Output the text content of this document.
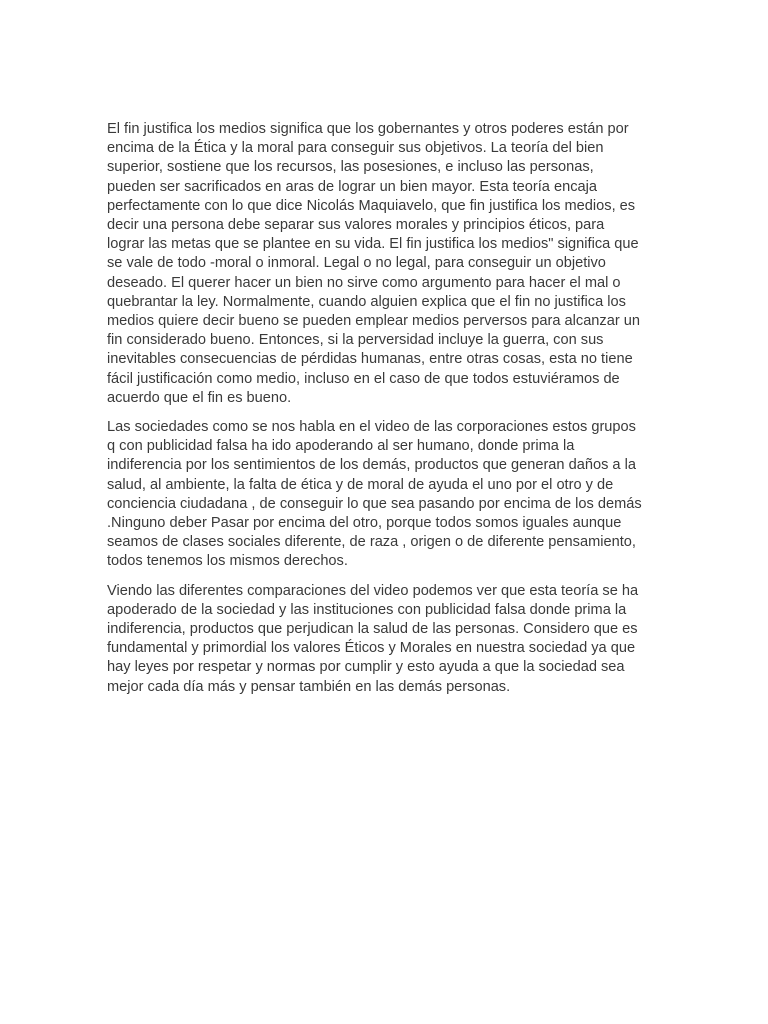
El fin justifica los medios significa que los gobernantes y otros poderes están por
encima de la Ética y la moral para conseguir sus objetivos. La teoría del bien
superior, sostiene que los recursos, las posesiones, e incluso las personas,
pueden ser sacrificados en aras de lograr un bien mayor. Esta teoría encaja
perfectamente con lo que dice Nicolás Maquiavelo, que fin justifica los medios, es
decir una persona debe separar sus valores morales y principios éticos, para
lograr las metas que se plantee en su vida. El fin justifica los medios" significa que
se vale de todo -moral o inmoral. Legal o no legal, para conseguir un objetivo
deseado. El querer hacer un bien no sirve como argumento para hacer el mal o
quebrantar la ley. Normalmente, cuando alguien explica que el fin no justifica los
medios quiere decir bueno se pueden emplear medios perversos para alcanzar un
fin considerado bueno. Entonces, si la perversidad incluye la guerra, con sus
inevitables consecuencias de pérdidas humanas, entre otras cosas, esta no tiene
fácil justificación como medio, incluso en el caso de que todos estuviéramos de
acuerdo que el fin es bueno.

Las sociedades como se nos habla en el video de las corporaciones estos grupos
q con publicidad falsa ha ido apoderando al ser humano, donde prima la
indiferencia por los sentimientos de los demás, productos que generan daños a la
salud, al ambiente, la falta de ética y de moral de ayuda el uno por el otro y de
conciencia ciudadana , de conseguir lo que sea pasando por encima de los demás
.Ninguno deber Pasar por encima del otro, porque todos somos iguales aunque
seamos de clases sociales diferente, de raza , origen o de diferente pensamiento,
todos tenemos los mismos derechos.

Viendo las diferentes comparaciones del video podemos ver que esta teoría se ha
apoderado de la sociedad y las instituciones con publicidad falsa donde prima la
indiferencia, productos que perjudican la salud de las personas. Considero que es
fundamental y primordial los valores Éticos y Morales en nuestra sociedad ya que
hay leyes por respetar y normas por cumplir y esto ayuda a que la sociedad sea
mejor cada día más y pensar también en las demás personas.
